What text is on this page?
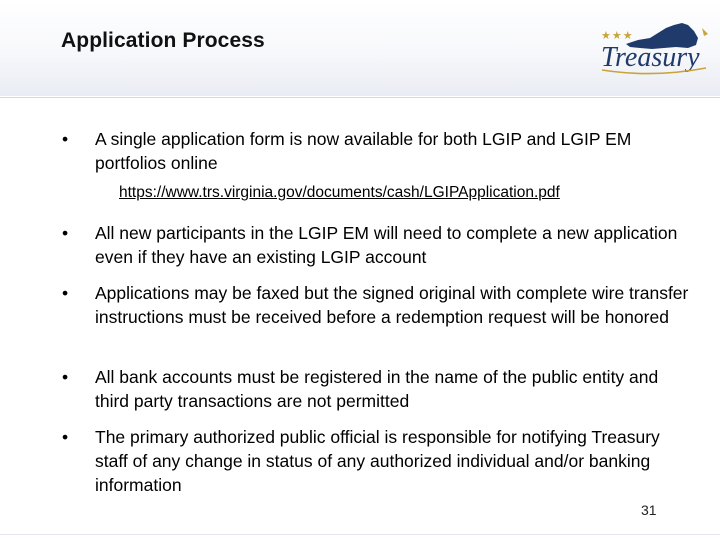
Application Process	★★★
Treasury
• A single application form is now available for both LGIP and LGIP EM portfolios online
https://www.trs.virginia.gov/documents/cash/LGIPApplication.pdf
• All new participants in the LGIP EM will need to complete a new application even if they have an existing LGIP account
• Applications may be faxed but the signed original with complete wire transfer instructions must be received before a redemption request will be honored
• All bank accounts must be registered in the name of the public entity and third party transactions are not permitted
• The primary authorized public official is responsible for notifying Treasury staff of any change in status of any authorized individual and/or banking information
31
